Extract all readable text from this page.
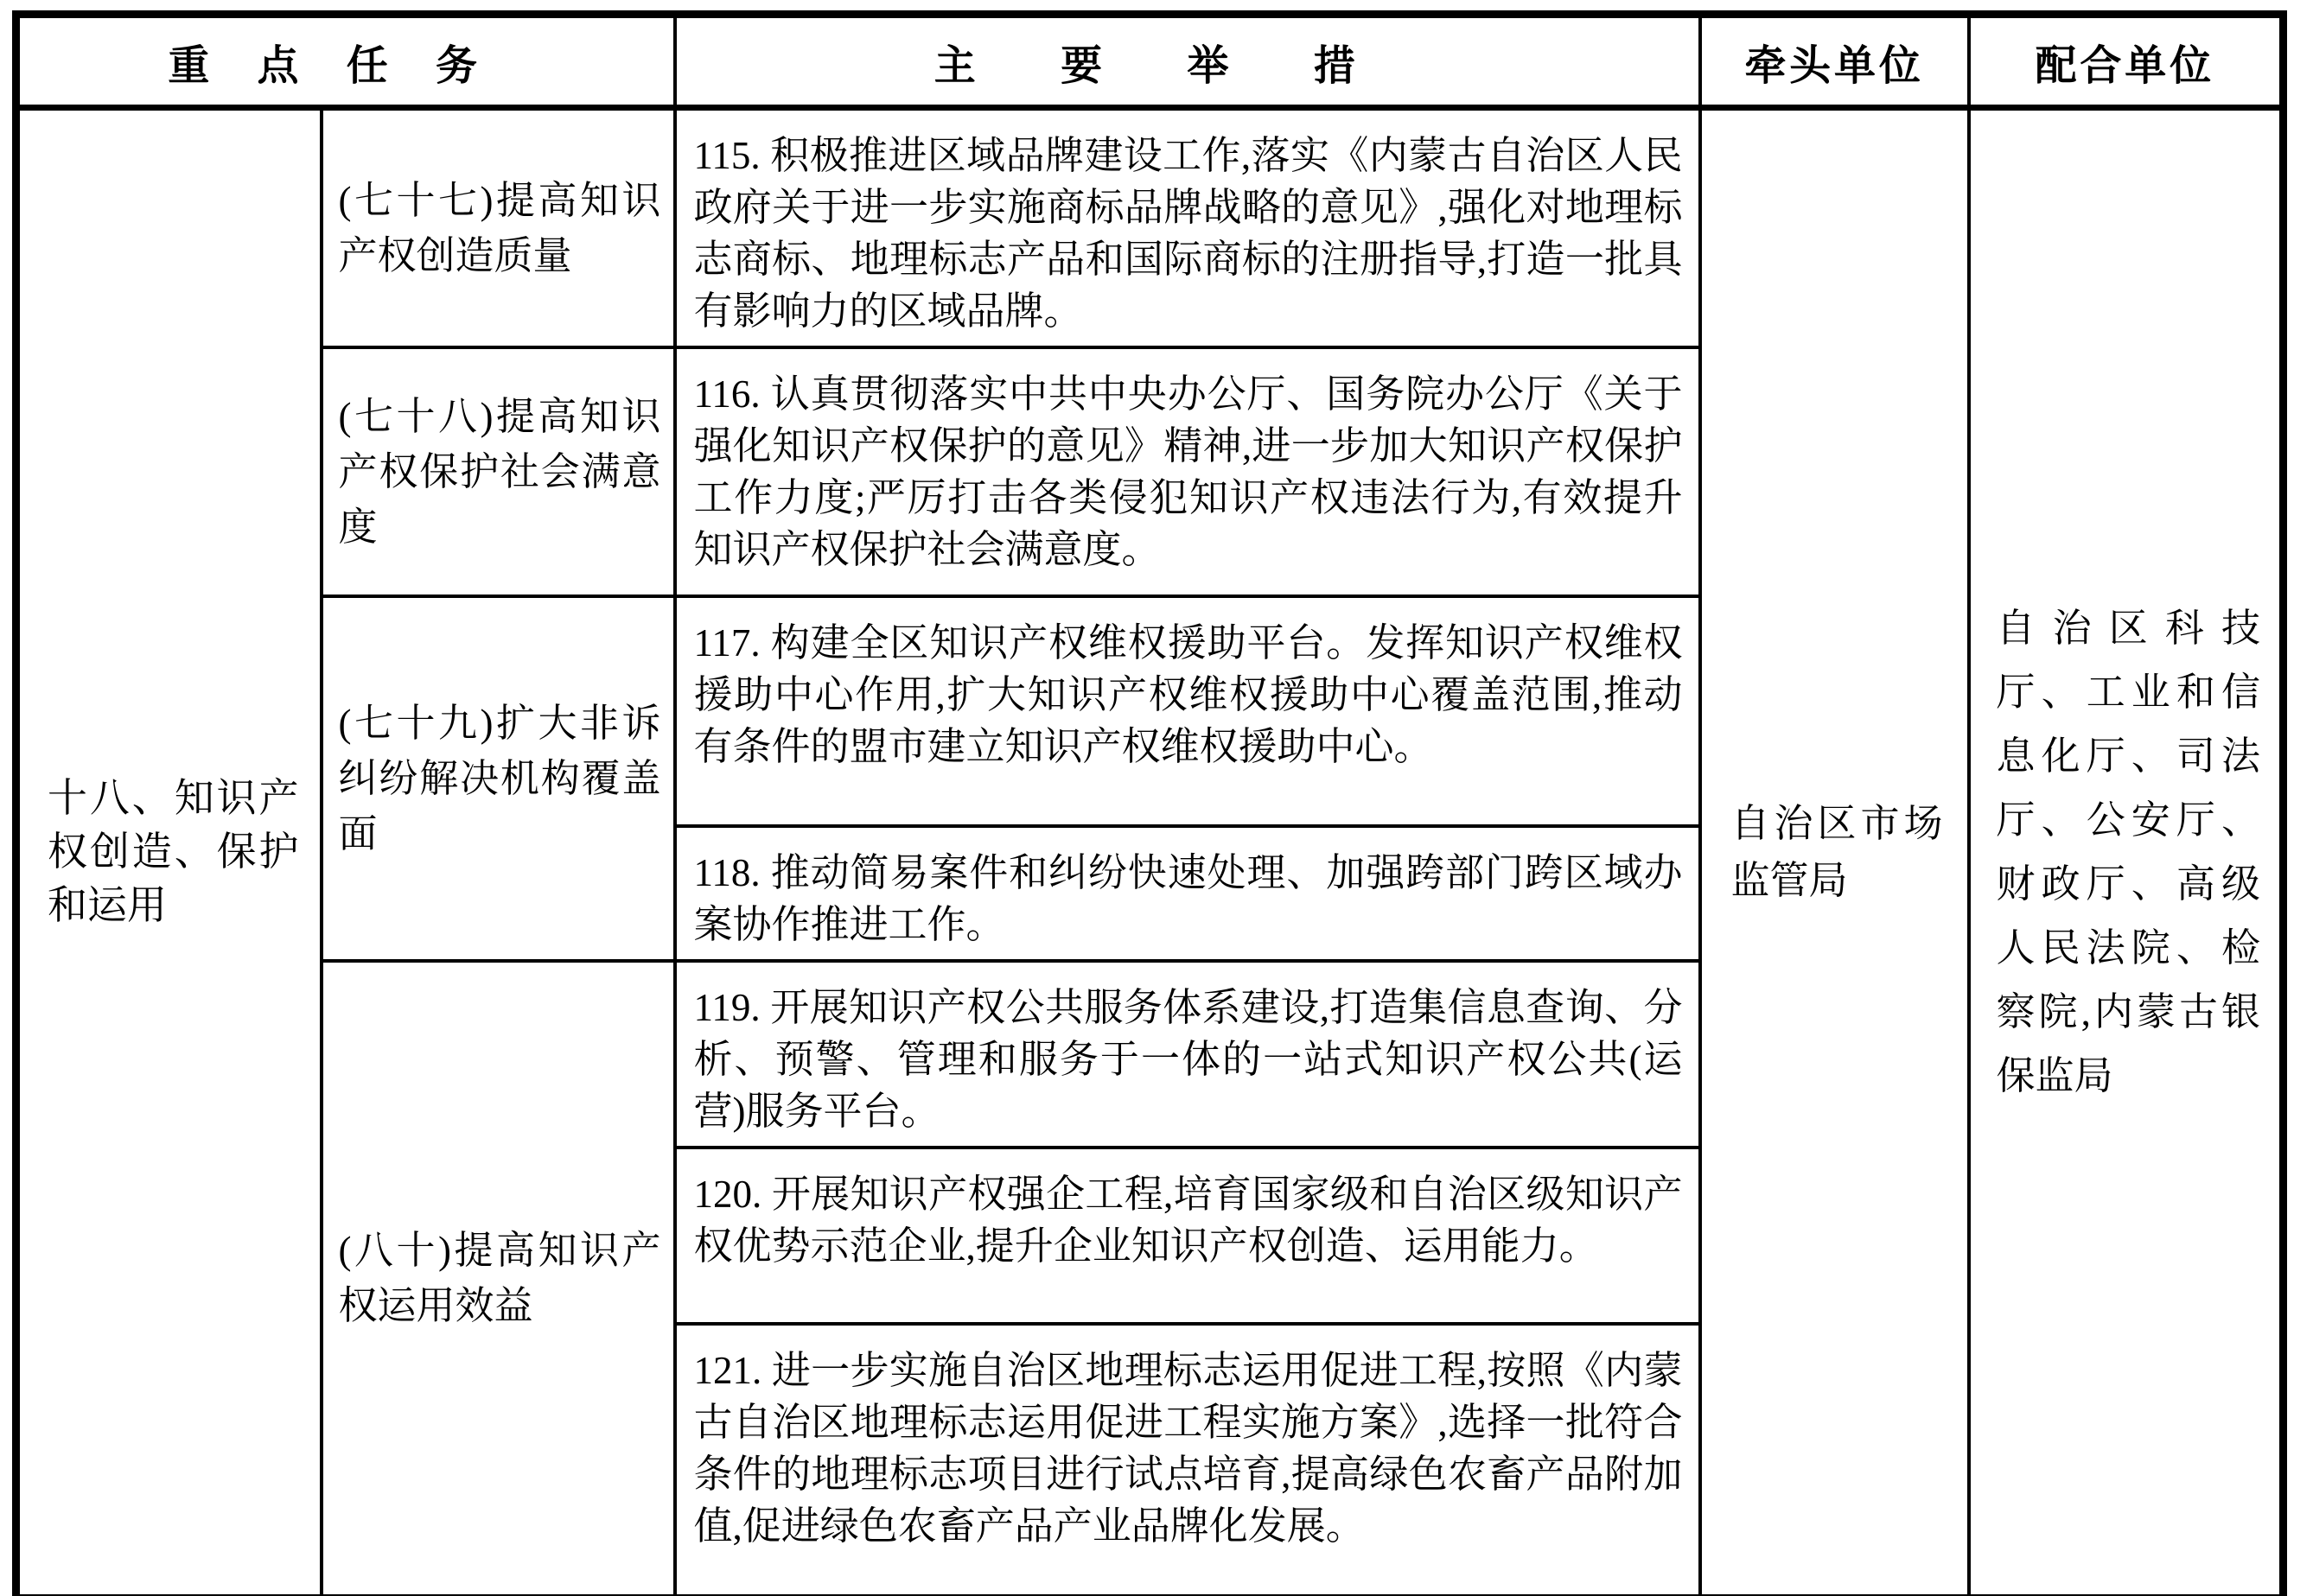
重点任务		主要举措	牵头单位	配合单位
十八、知识产权创造、保护和运用	(七十七)提高知识产权创造质量	115. 积极推进区域品牌建设工作,落实《内蒙古自治区人民政府关于进一步实施商标品牌战略的意见》,强化对地理标志商标、地理标志产品和国际商标的注册指导,打造一批具有影响力的区域品牌。	自治区市场监管局	自治区科技厅、工业和信息化厅、司法厅、公安厅、财政厅、高级人民法院、检察院,内蒙古银保监局
	(七十八)提高知识产权保护社会满意度	116. 认真贯彻落实中共中央办公厅、国务院办公厅《关于强化知识产权保护的意见》精神,进一步加大知识产权保护工作力度;严厉打击各类侵犯知识产权违法行为,有效提升知识产权保护社会满意度。		
	(七十九)扩大非诉纠纷解决机构覆盖面	117. 构建全区知识产权维权援助平台。发挥知识产权维权援助中心作用,扩大知识产权维权援助中心覆盖范围,推动有条件的盟市建立知识产权维权援助中心。		
		118. 推动简易案件和纠纷快速处理、加强跨部门跨区域办案协作推进工作。		
	(八十)提高知识产权运用效益	119. 开展知识产权公共服务体系建设,打造集信息查询、分析、预警、管理和服务于一体的一站式知识产权公共(运营)服务平台。		
		120. 开展知识产权强企工程,培育国家级和自治区级知识产权优势示范企业,提升企业知识产权创造、运用能力。		
		121. 进一步实施自治区地理标志运用促进工程,按照《内蒙古自治区地理标志运用促进工程实施方案》,选择一批符合条件的地理标志项目进行试点培育,提高绿色农畜产品附加值,促进绿色农畜产品产业品牌化发展。		
